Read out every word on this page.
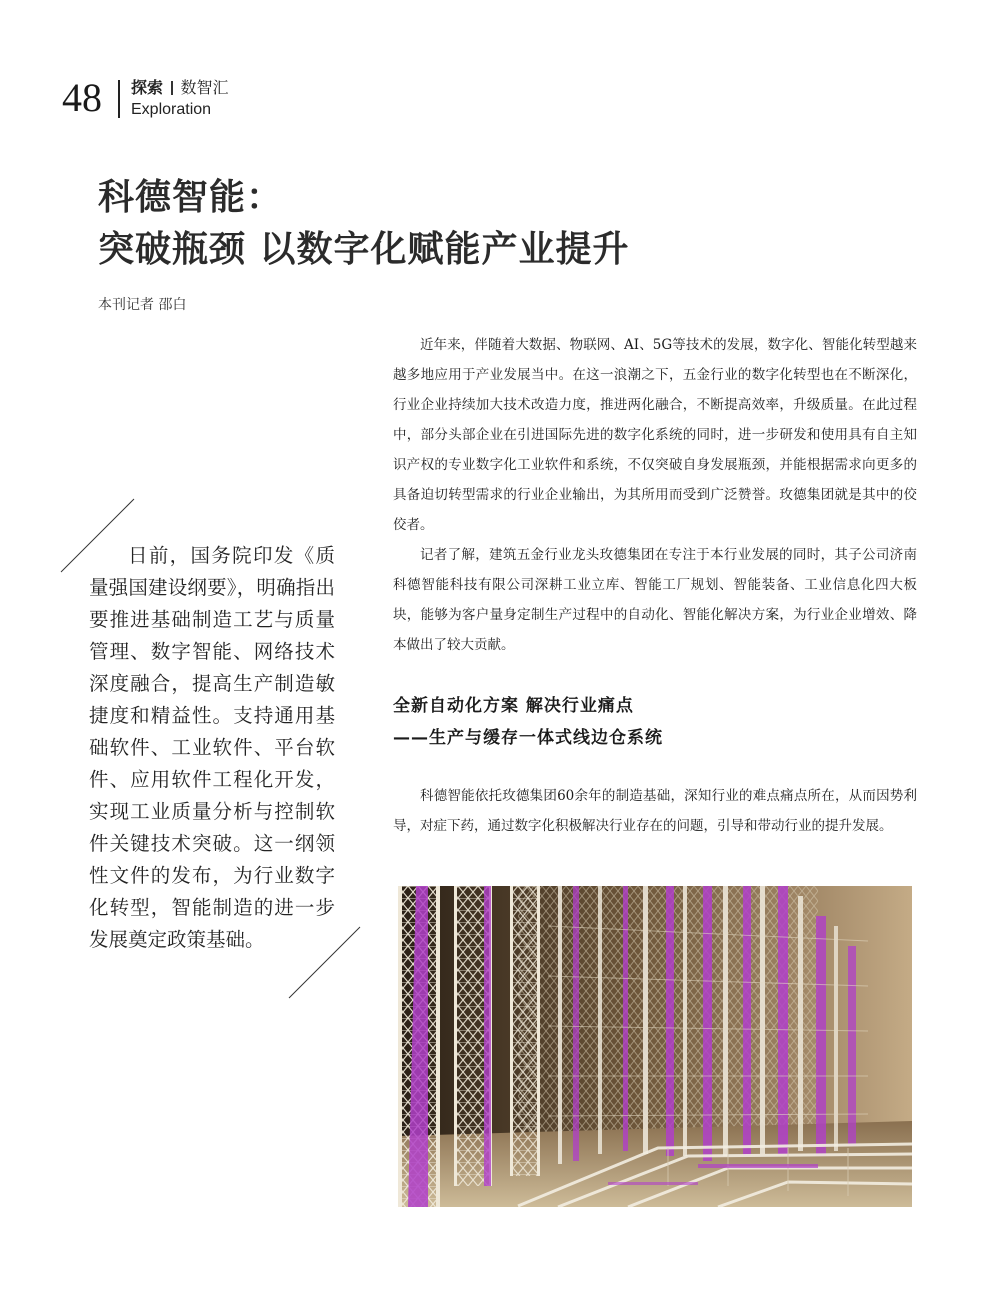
48 探索 数智汇
Exploration
科德智能：
突破瓶颈 以数字化赋能产业提升
本刊记者 邵白

近年来，伴随着大数据、物联网、AI、5G等技术的发展，数字化、智能化转型越来越多地应用于产业发展当中。在这一浪潮之下，五金行业的数字化转型也在不断深化，行业企业持续加大技术改造力度，推进两化融合，不断提高效率，升级质量。在此过程中，部分头部企业在引进国际先进的数字化系统的同时，进一步研发和使用具有自主知识产权的专业数字化工业软件和系统，不仅突破自身发展瓶颈，并能根据需求向更多的具备迫切转型需求的行业企业输出，为其所用而受到广泛赞誉。玫德集团就是其中的佼佼者。

记者了解，建筑五金行业龙头玫德集团在专注于本行业发展的同时，其子公司济南科德智能科技有限公司深耕工业立库、智能工厂规划、智能装备、工业信息化四大板块，能够为客户量身定制生产过程中的自动化、智能化解决方案，为行业企业增效、降本做出了较大贡献。

日前，国务院印发《质量强国建设纲要》，明确指出要推进基础制造工艺与质量管理、数字智能、网络技术深度融合，提高生产制造敏捷度和精益性。支持通用基础软件、工业软件、平台软件、应用软件工程化开发，实现工业质量分析与控制软件关键技术突破。这一纲领性文件的发布，为行业数字化转型，智能制造的进一步发展奠定政策基础。

全新自动化方案 解决行业痛点
——生产与缓存一体式线边仓系统

科德智能依托玫德集团60余年的制造基础，深知行业的难点痛点所在，从而因势利导，对症下药，通过数字化积极解决行业存在的问题，引导和带动行业的提升发展。
